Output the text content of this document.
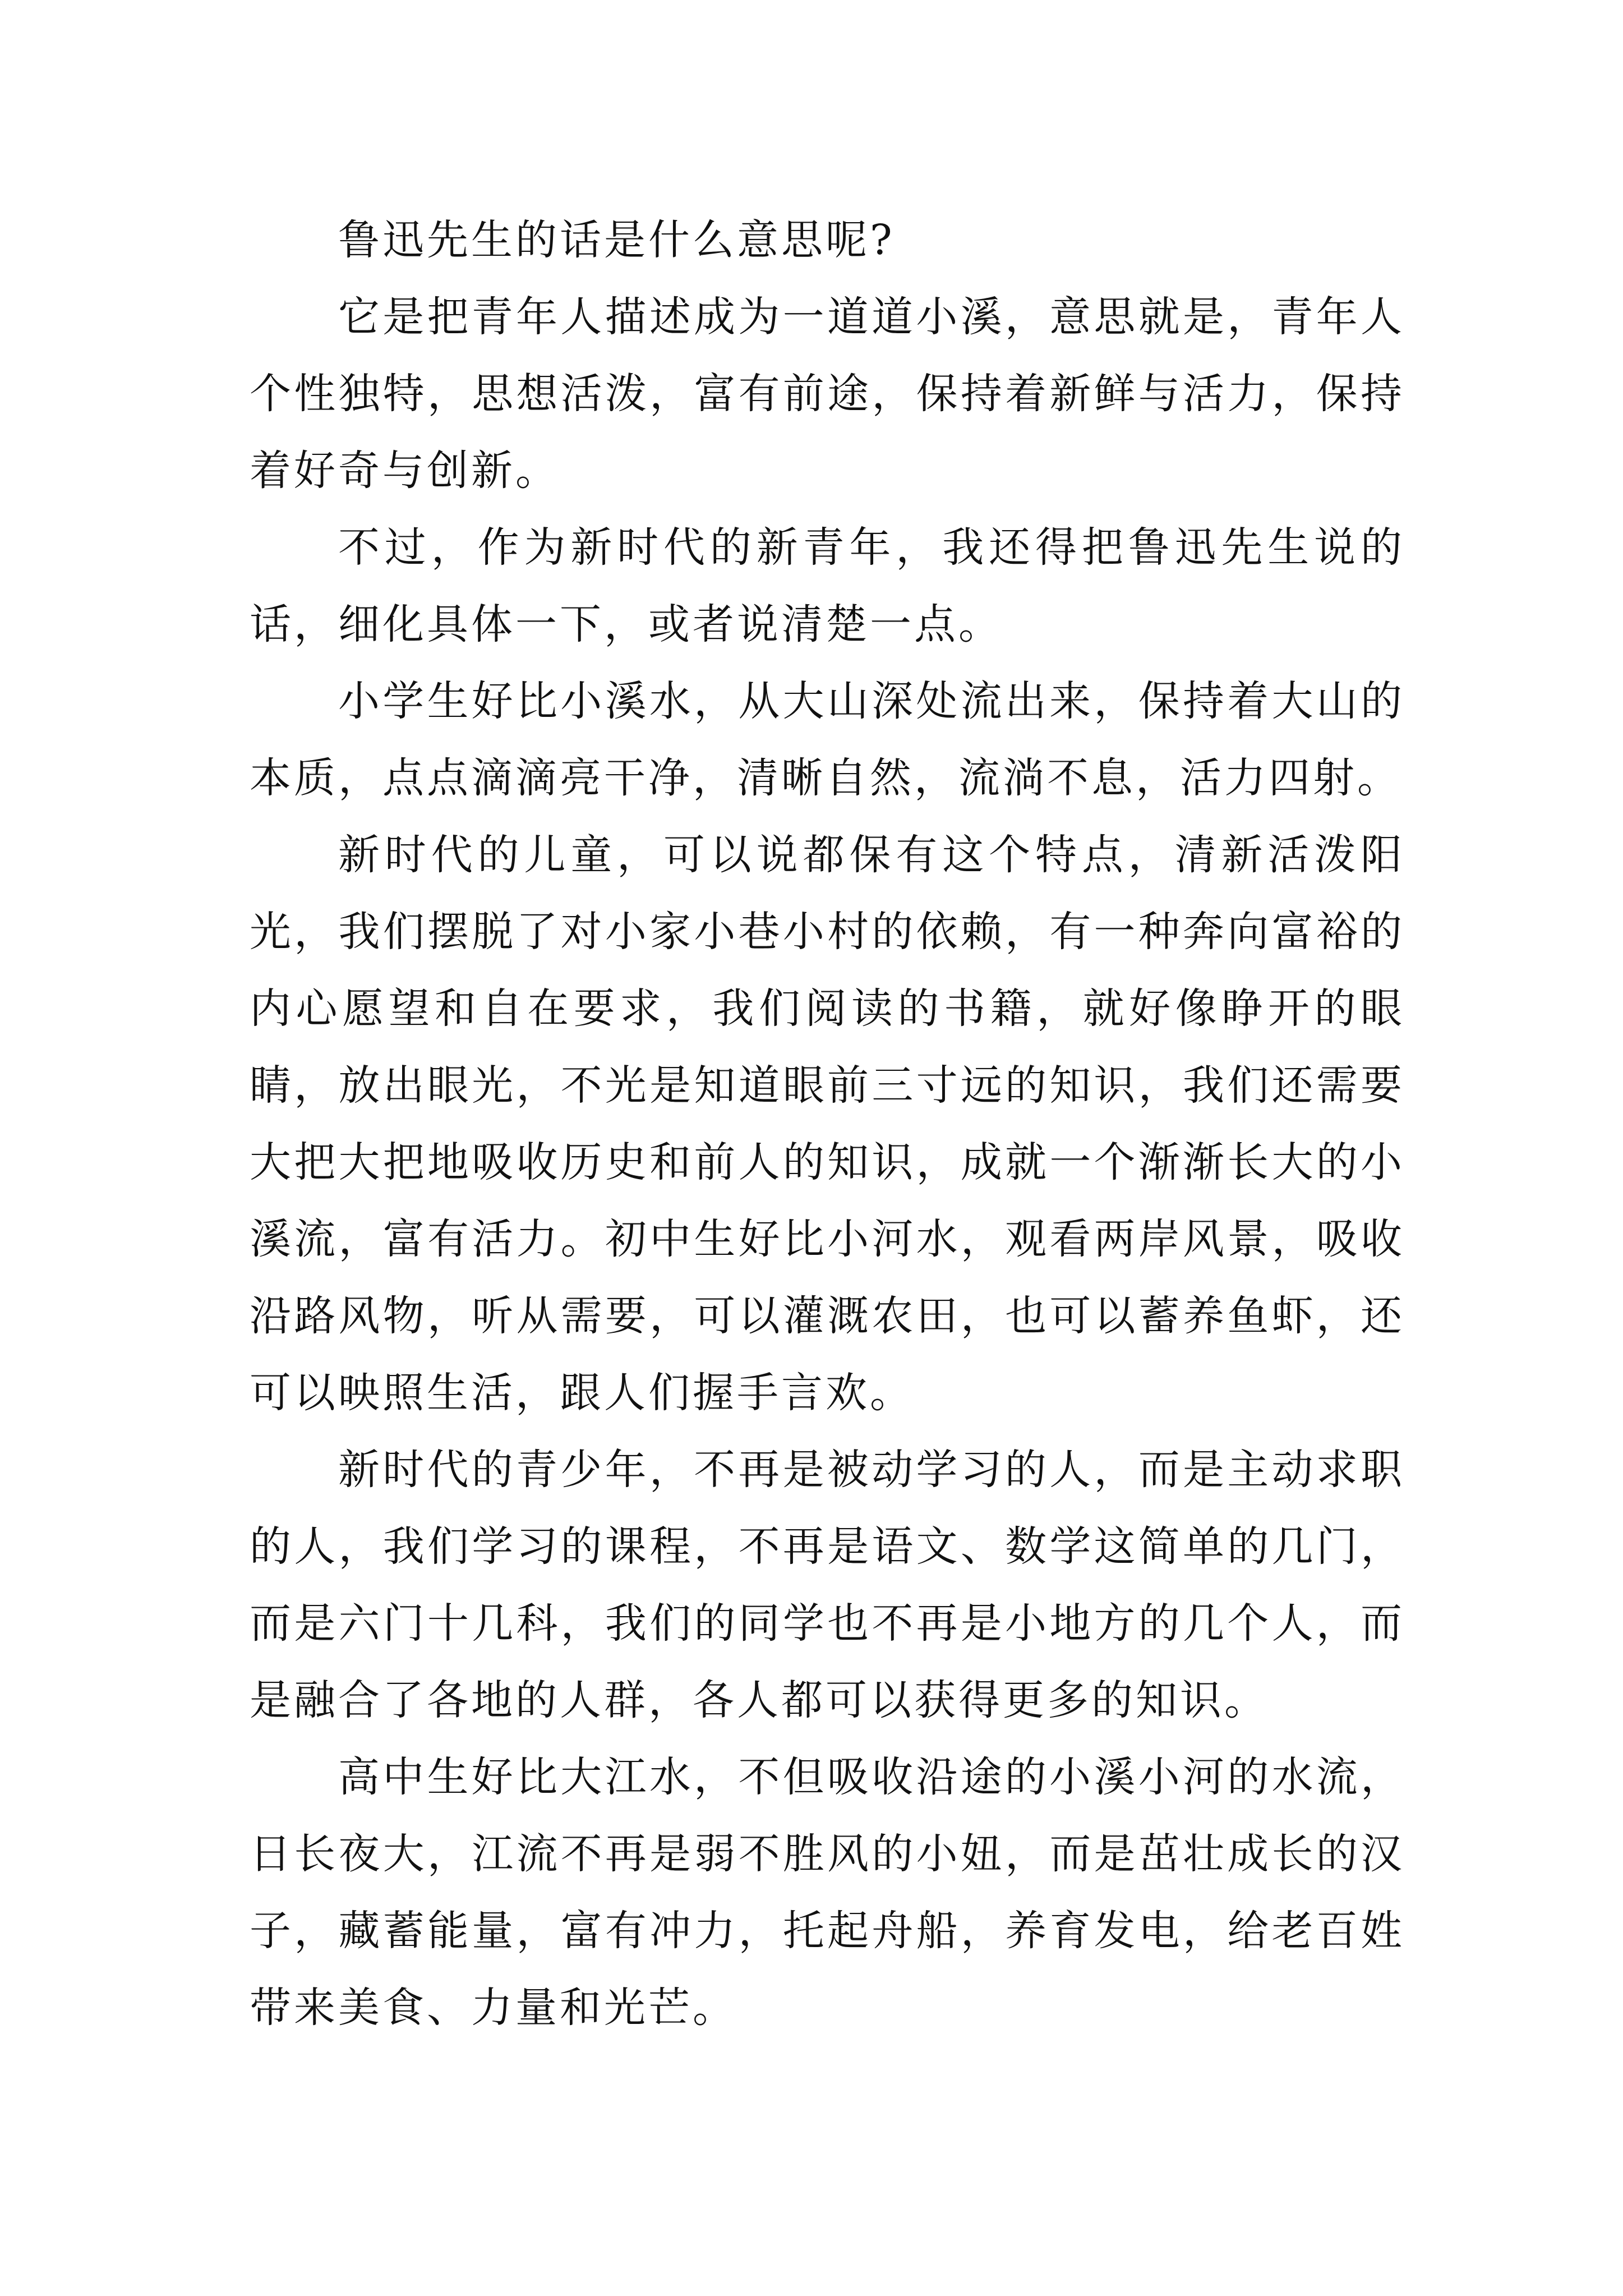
鲁迅先生的话是什么意思呢?

它是把青年人描述成为一道道小溪，意思就是，青年人个性独特，思想活泼，富有前途，保持着新鲜与活力，保持着好奇与创新。

不过，作为新时代的新青年，我还得把鲁迅先生说的话，细化具体一下，或者说清楚一点。

小学生好比小溪水，从大山深处流出来，保持着大山的本质，点点滴滴亮干净，清晰自然，流淌不息，活力四射。

新时代的儿童，可以说都保有这个特点，清新活泼阳光，我们摆脱了对小家小巷小村的依赖，有一种奔向富裕的内心愿望和自在要求，我们阅读的书籍，就好像睁开的眼睛，放出眼光，不光是知道眼前三寸远的知识，我们还需要大把大把地吸收历史和前人的知识，成就一个渐渐长大的小溪流，富有活力。初中生好比小河水，观看两岸风景，吸收沿路风物，听从需要，可以灌溉农田，也可以蓄养鱼虾，还可以映照生活，跟人们握手言欢。

新时代的青少年，不再是被动学习的人，而是主动求职的人，我们学习的课程，不再是语文、数学这简单的几门，而是六门十几科，我们的同学也不再是小地方的几个人，而是融合了各地的人群，各人都可以获得更多的知识。

高中生好比大江水，不但吸收沿途的小溪小河的水流，日长夜大，江流不再是弱不胜风的小妞，而是茁壮成长的汉子，藏蓄能量，富有冲力，托起舟船，养育发电，给老百姓带来美食、力量和光芒。
